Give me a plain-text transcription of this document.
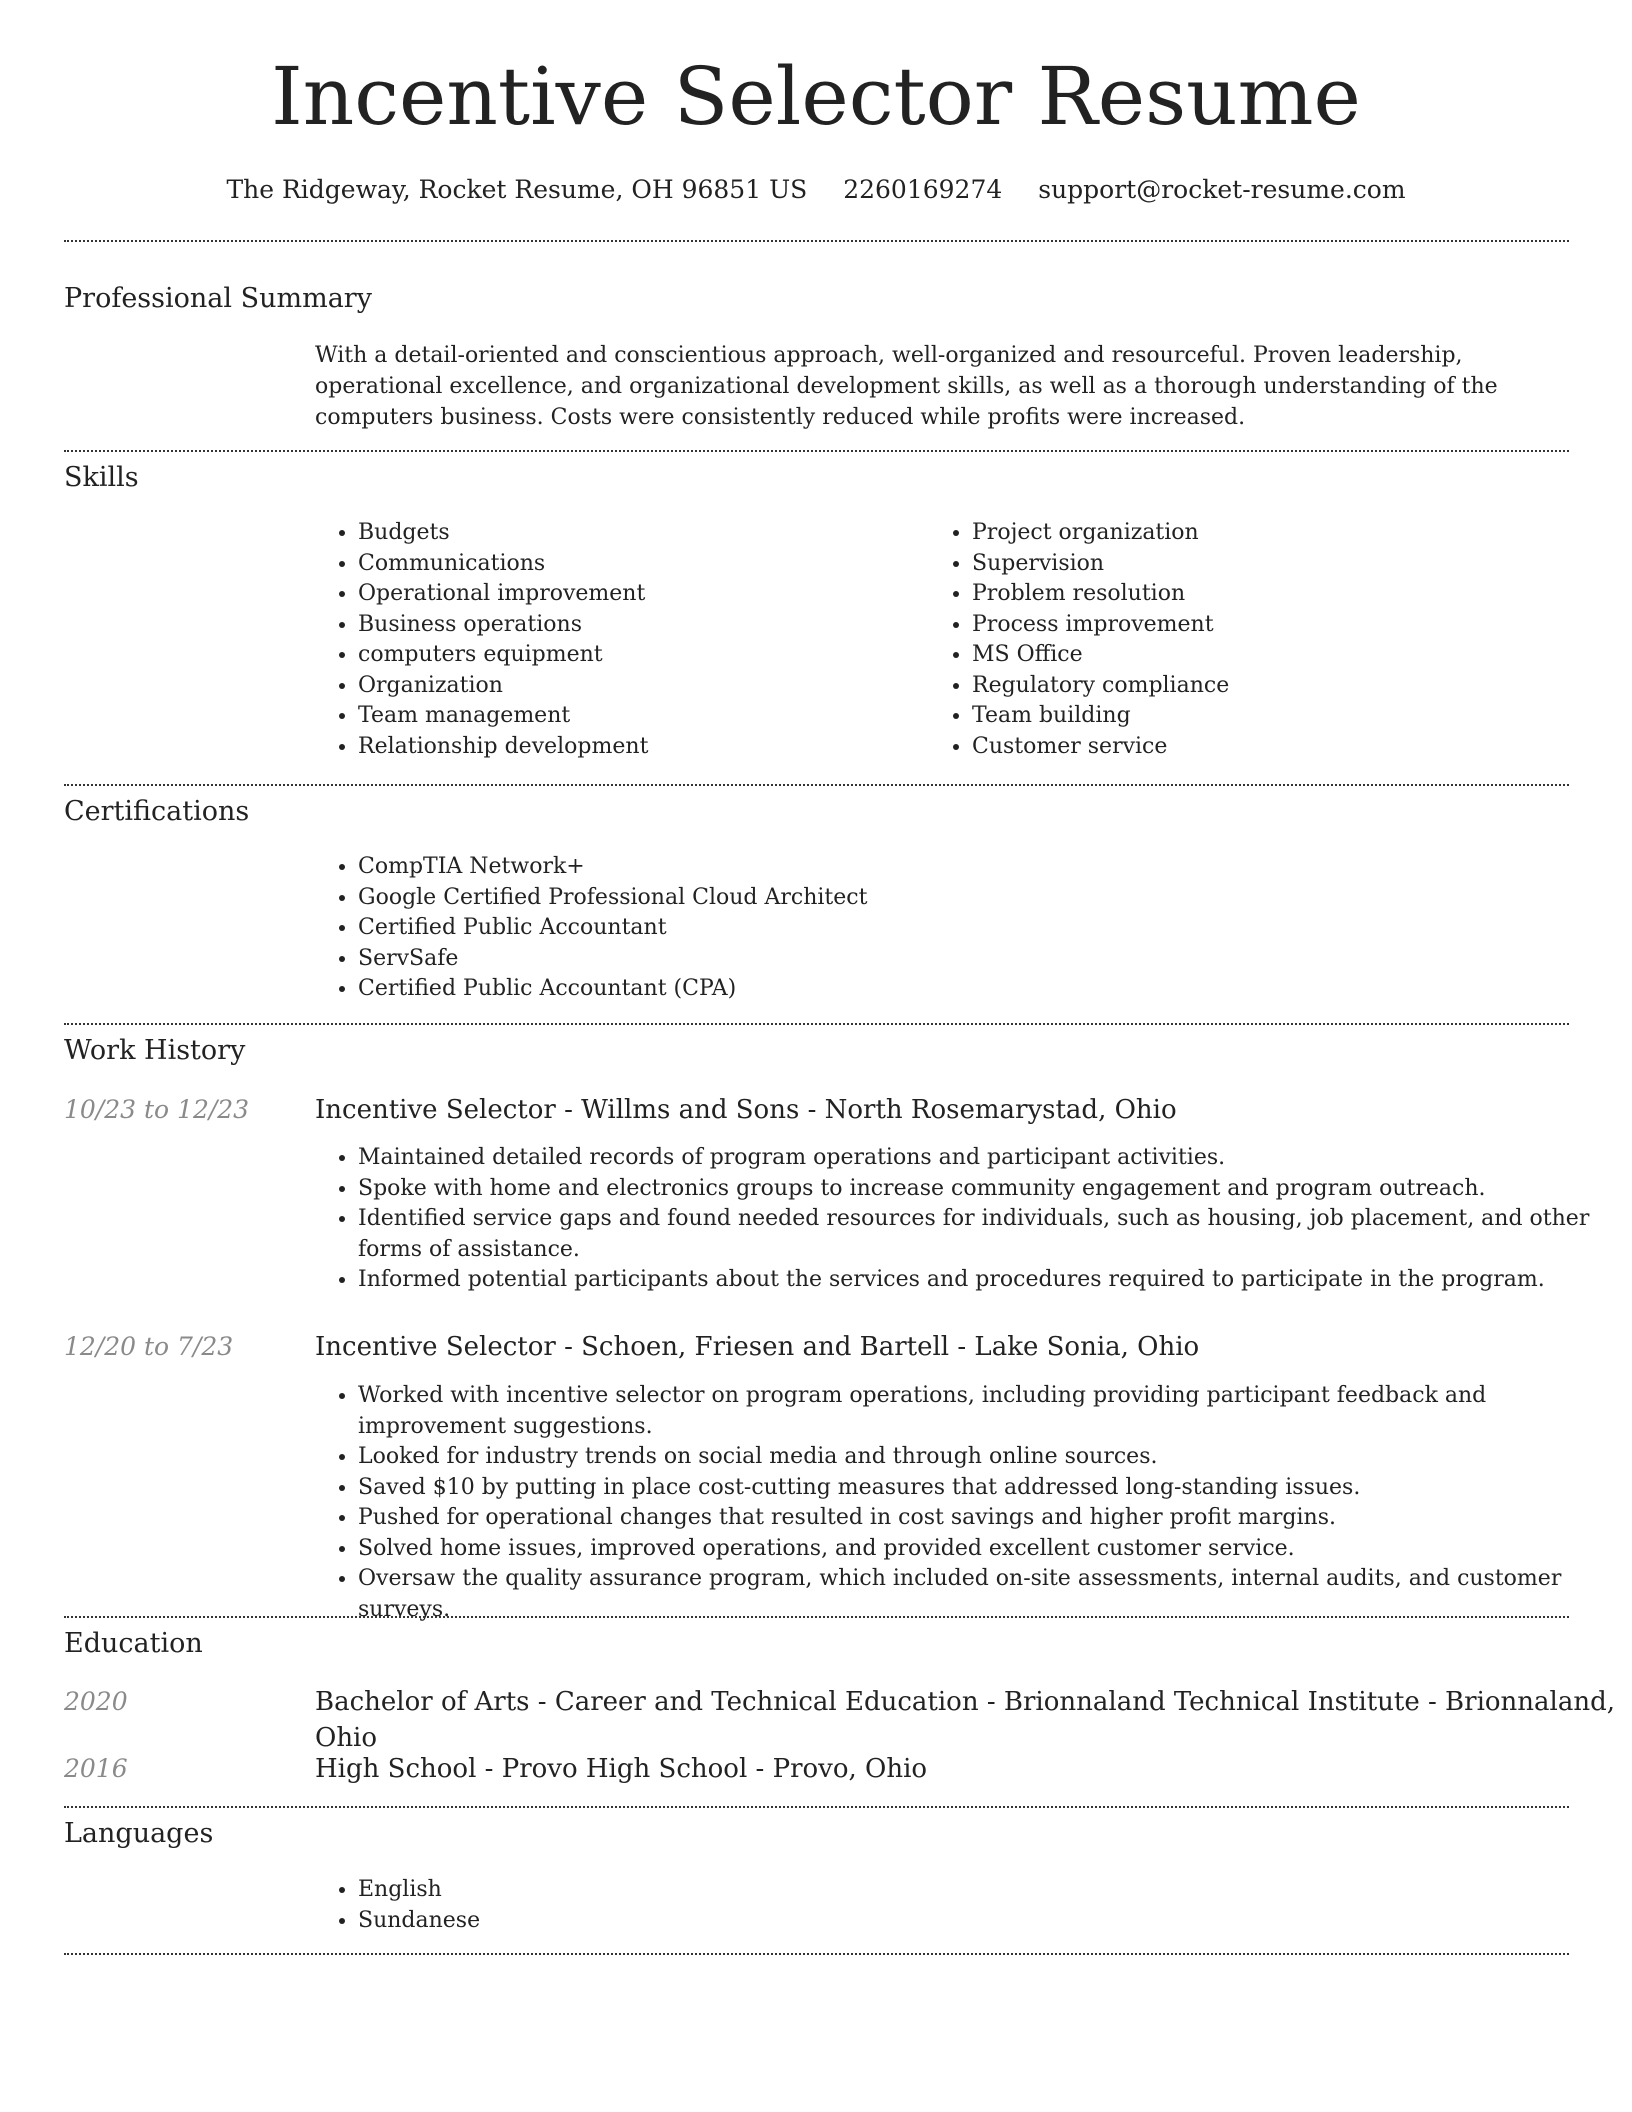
Incentive Selector Resume
The Ridgeway, Rocket Resume, OH 96851 US 2260169274 support@rocket-resume.com
Professional Summary
With a detail-oriented and conscientious approach, well-organized and resourceful. Proven leadership, operational excellence, and organizational development skills, as well as a thorough understanding of the computers business. Costs were consistently reduced while profits were increased.
Skills
• Budgets
• Communications
• Operational improvement
• Business operations
• computers equipment
• Organization
• Team management
• Relationship development
• Project organization
• Supervision
• Problem resolution
• Process improvement
• MS Office
• Regulatory compliance
• Team building
• Customer service
Certifications
• CompTIA Network+
• Google Certified Professional Cloud Architect
• Certified Public Accountant
• ServSafe
• Certified Public Accountant (CPA)
Work History
10/23 to 12/23	Incentive Selector - Willms and Sons - North Rosemarystad, Ohio
• Maintained detailed records of program operations and participant activities.
• Spoke with home and electronics groups to increase community engagement and program outreach.
• Identified service gaps and found needed resources for individuals, such as housing, job placement, and other forms of assistance.
• Informed potential participants about the services and procedures required to participate in the program.
12/20 to 7/23	Incentive Selector - Schoen, Friesen and Bartell - Lake Sonia, Ohio
• Worked with incentive selector on program operations, including providing participant feedback and improvement suggestions.
• Looked for industry trends on social media and through online sources.
• Saved $10 by putting in place cost-cutting measures that addressed long-standing issues.
• Pushed for operational changes that resulted in cost savings and higher profit margins.
• Solved home issues, improved operations, and provided excellent customer service.
• Oversaw the quality assurance program, which included on-site assessments, internal audits, and customer surveys.
Education
2020	Bachelor of Arts - Career and Technical Education - Brionnaland Technical Institute - Brionnaland, Ohio
2016	High School - Provo High School - Provo, Ohio
Languages
• English
• Sundanese
